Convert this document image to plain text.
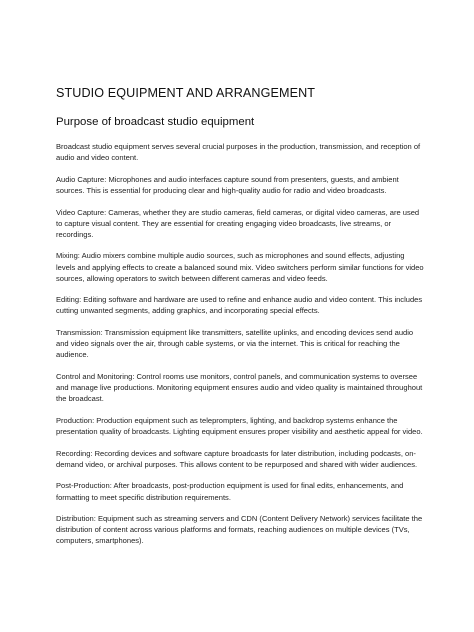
STUDIO EQUIPMENT AND ARRANGEMENT
Purpose of broadcast studio equipment

Broadcast studio equipment serves several crucial purposes in the production, transmission, and reception of audio and video content.

Audio Capture: Microphones and audio interfaces capture sound from presenters, guests, and ambient sources. This is essential for producing clear and high-quality audio for radio and video broadcasts.

Video Capture: Cameras, whether they are studio cameras, field cameras, or digital video cameras, are used to capture visual content. They are essential for creating engaging video broadcasts, live streams, or recordings.

Mixing: Audio mixers combine multiple audio sources, such as microphones and sound effects, adjusting levels and applying effects to create a balanced sound mix. Video switchers perform similar functions for video sources, allowing operators to switch between different cameras and video feeds.

Editing: Editing software and hardware are used to refine and enhance audio and video content. This includes cutting unwanted segments, adding graphics, and incorporating special effects.

Transmission: Transmission equipment like transmitters, satellite uplinks, and encoding devices send audio and video signals over the air, through cable systems, or via the internet. This is critical for reaching the audience.

Control and Monitoring: Control rooms use monitors, control panels, and communication systems to oversee and manage live productions. Monitoring equipment ensures audio and video quality is maintained throughout the broadcast.

Production: Production equipment such as teleprompters, lighting, and backdrop systems enhance the presentation quality of broadcasts. Lighting equipment ensures proper visibility and aesthetic appeal for video.

Recording: Recording devices and software capture broadcasts for later distribution, including podcasts, on-demand video, or archival purposes. This allows content to be repurposed and shared with wider audiences.

Post-Production: After broadcasts, post-production equipment is used for final edits, enhancements, and formatting to meet specific distribution requirements.

Distribution: Equipment such as streaming servers and CDN (Content Delivery Network) services facilitate the distribution of content across various platforms and formats, reaching audiences on multiple devices (TVs, computers, smartphones).
